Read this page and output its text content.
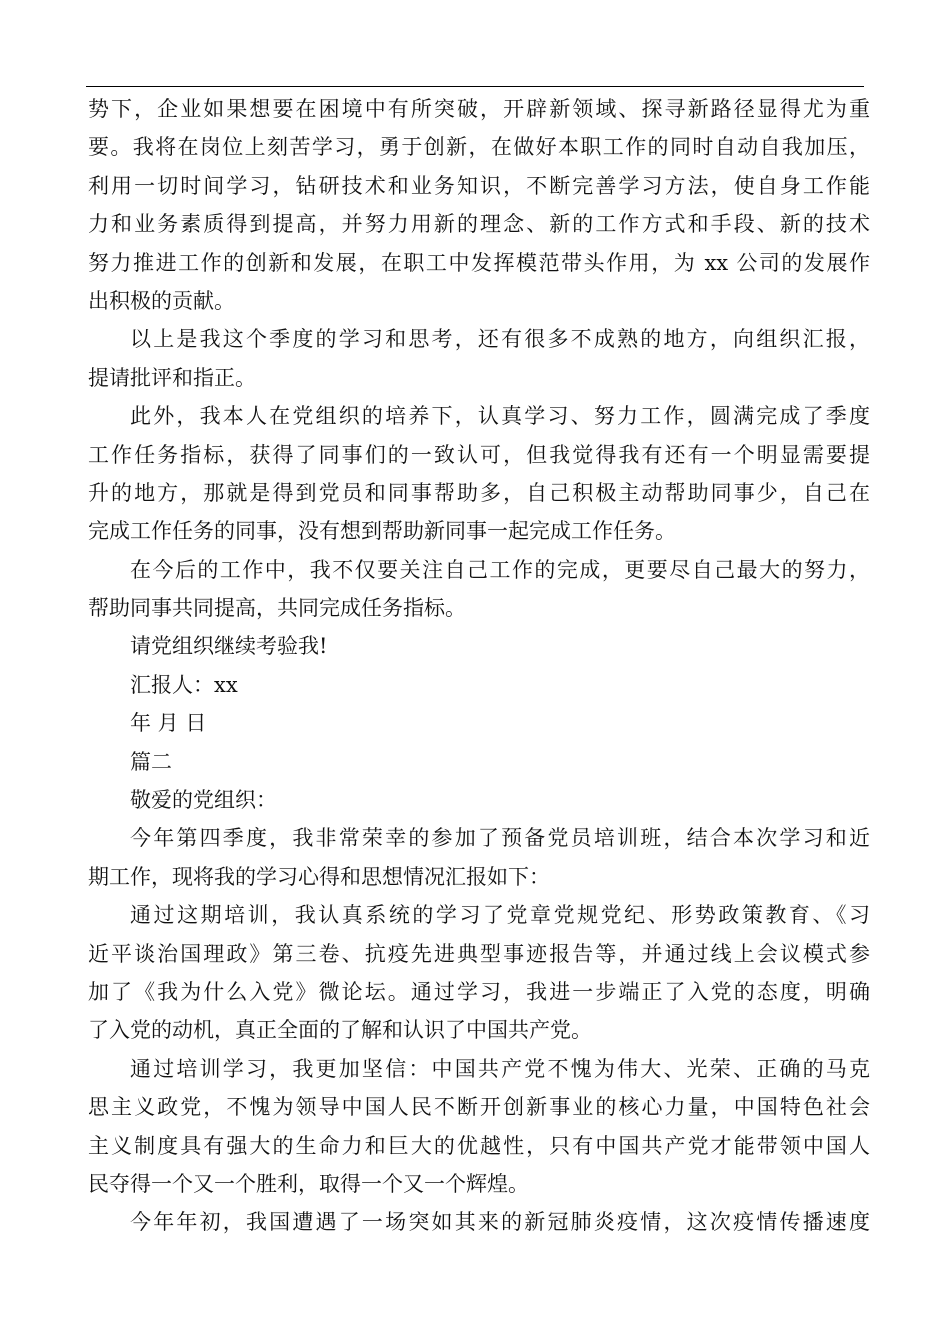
势下，企业如果想要在困境中有所突破，开辟新领域、探寻新路径显得尤为重
要。我将在岗位上刻苦学习，勇于创新，在做好本职工作的同时自动自我加压，
利用一切时间学习，钻研技术和业务知识，不断完善学习方法，使自身工作能
力和业务素质得到提高，并努力用新的理念、新的工作方式和手段、新的技术
努力推进工作的创新和发展，在职工中发挥模范带头作用，为 xx 公司的发展作
出积极的贡献。
以上是我这个季度的学习和思考，还有很多不成熟的地方，向组织汇报，
提请批评和指正。
此外，我本人在党组织的培养下，认真学习、努力工作，圆满完成了季度
工作任务指标，获得了同事们的一致认可，但我觉得我有还有一个明显需要提
升的地方，那就是得到党员和同事帮助多，自己积极主动帮助同事少，自己在
完成工作任务的同事，没有想到帮助新同事一起完成工作任务。
在今后的工作中，我不仅要关注自己工作的完成，更要尽自己最大的努力，
帮助同事共同提高，共同完成任务指标。
请党组织继续考验我!
汇报人：xx
年 月 日
篇二
敬爱的党组织：
今年第四季度，我非常荣幸的参加了预备党员培训班，结合本次学习和近
期工作，现将我的学习心得和思想情况汇报如下：
通过这期培训，我认真系统的学习了党章党规党纪、形势政策教育、《习
近平谈治国理政》第三卷、抗疫先进典型事迹报告等，并通过线上会议模式参
加了《我为什么入党》微论坛。通过学习，我进一步端正了入党的态度，明确
了入党的动机，真正全面的了解和认识了中国共产党。
通过培训学习，我更加坚信：中国共产党不愧为伟大、光荣、正确的马克
思主义政党，不愧为领导中国人民不断开创新事业的核心力量，中国特色社会
主义制度具有强大的生命力和巨大的优越性，只有中国共产党才能带领中国人
民夺得一个又一个胜利，取得一个又一个辉煌。
今年年初，我国遭遇了一场突如其来的新冠肺炎疫情，这次疫情传播速度
